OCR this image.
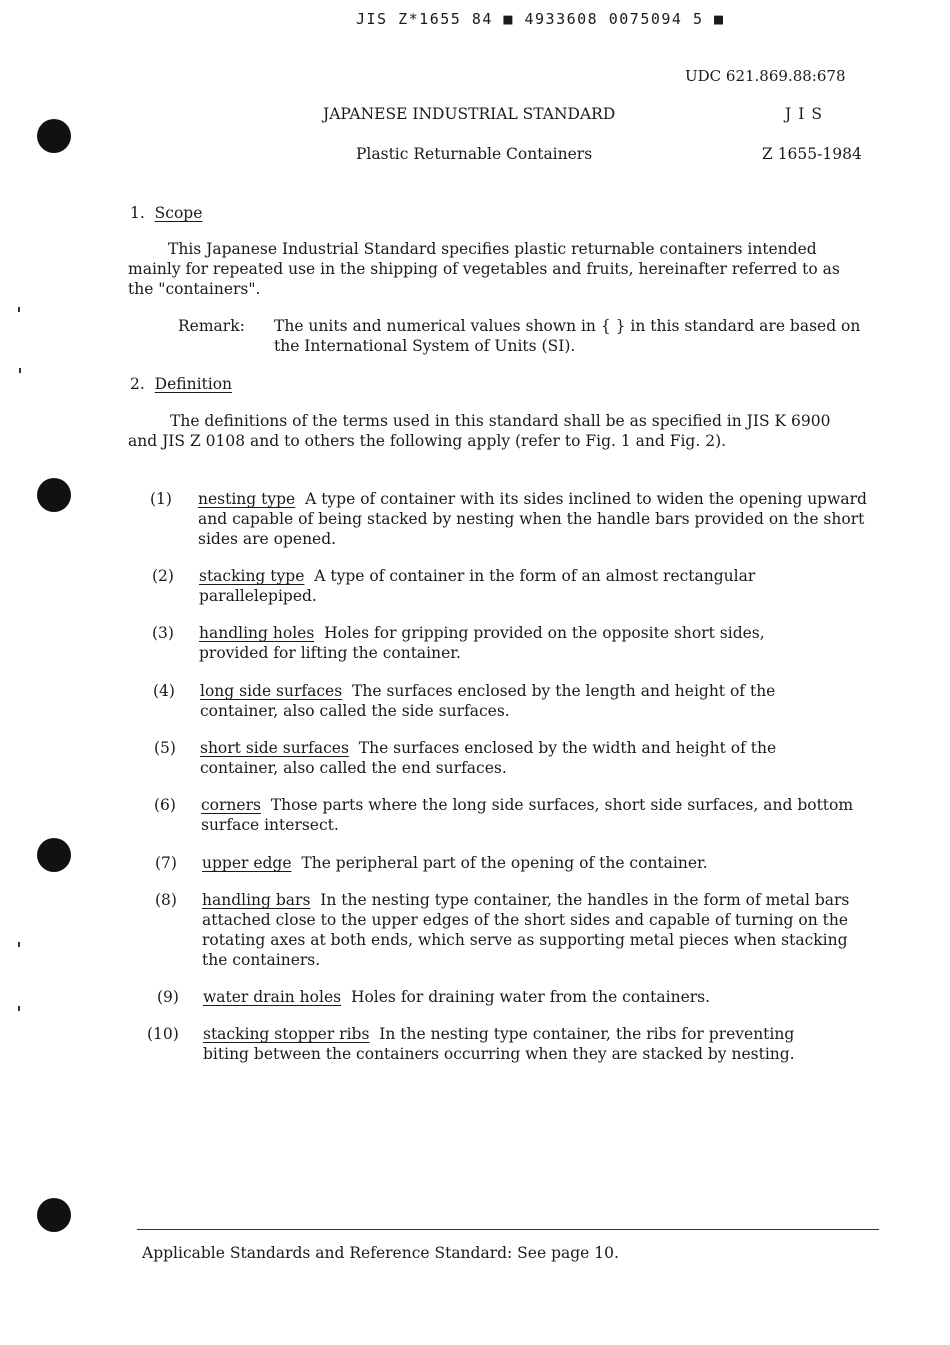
JIS Z*1655 84 ■ 4933608 0075094 5 ■
UDC 621.869.88:678
JAPANESE INDUSTRIAL STANDARD	JIS
Plastic Returnable Containers	Z 1655-1984
1. Scope
This Japanese Industrial Standard specifies plastic returnable containers intended mainly for repeated use in the shipping of vegetables and fruits, hereinafter referred to as the "containers".
Remark: The units and numerical values shown in { } in this standard are based on the International System of Units (SI).
2. Definition
The definitions of the terms used in this standard shall be as specified in JIS K 6900 and JIS Z 0108 and to others the following apply (refer to Fig. 1 and Fig. 2).
(1) nesting type A type of container with its sides inclined to widen the opening upward and capable of being stacked by nesting when the handle bars provided on the short sides are opened.
(2) stacking type A type of container in the form of an almost rectangular parallelepiped.
(3) handling holes Holes for gripping provided on the opposite short sides, provided for lifting the container.
(4) long side surfaces The surfaces enclosed by the length and height of the container, also called the side surfaces.
(5) short side surfaces The surfaces enclosed by the width and height of the container, also called the end surfaces.
(6) corners Those parts where the long side surfaces, short side surfaces, and bottom surface intersect.
(7) upper edge The peripheral part of the opening of the container.
(8) handling bars In the nesting type container, the handles in the form of metal bars attached close to the upper edges of the short sides and capable of turning on the rotating axes at both ends, which serve as supporting metal pieces when stacking the containers.
(9) water drain holes Holes for draining water from the containers.
(10) stacking stopper ribs In the nesting type container, the ribs for preventing biting between the containers occurring when they are stacked by nesting.
Applicable Standards and Reference Standard: See page 10.
